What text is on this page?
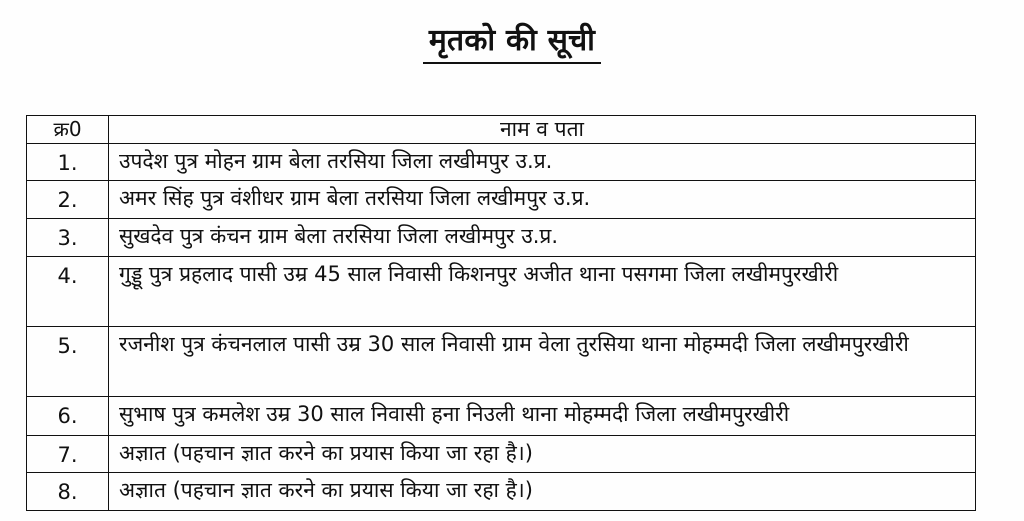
मृतको की सूची
क्र0	नाम व पता
1.	उपदेश पुत्र मोहन ग्राम बेला तरसिया जिला लखीमपुर उ.प्र.

2.	अमर सिंह पुत्र वंशीधर ग्राम बेला तरसिया जिला लखीमपुर उ.प्र.

3.	सुखदेव पुत्र कंचन ग्राम बेला तरसिया जिला लखीमपुर उ.प्र.

4.	गुड्डू पुत्र प्रहलाद पासी उम्र 45 साल निवासी किशनपुर अजीत थाना पसगमा जिला लखीमपुरखीरी

5.	रजनीश पुत्र कंचनलाल पासी उम्र 30 साल निवासी ग्राम वेला तुरसिया थाना मोहम्मदी जिला लखीमपुरखीरी

6.	सुभाष पुत्र कमलेश उम्र 30 साल निवासी हना निउली थाना मोहम्मदी जिला लखीमपुरखीरी

7.	अज्ञात (पहचान ज्ञात करने का प्रयास किया जा रहा है।)

8.	अज्ञात (पहचान ज्ञात करने का प्रयास किया जा रहा है।)
